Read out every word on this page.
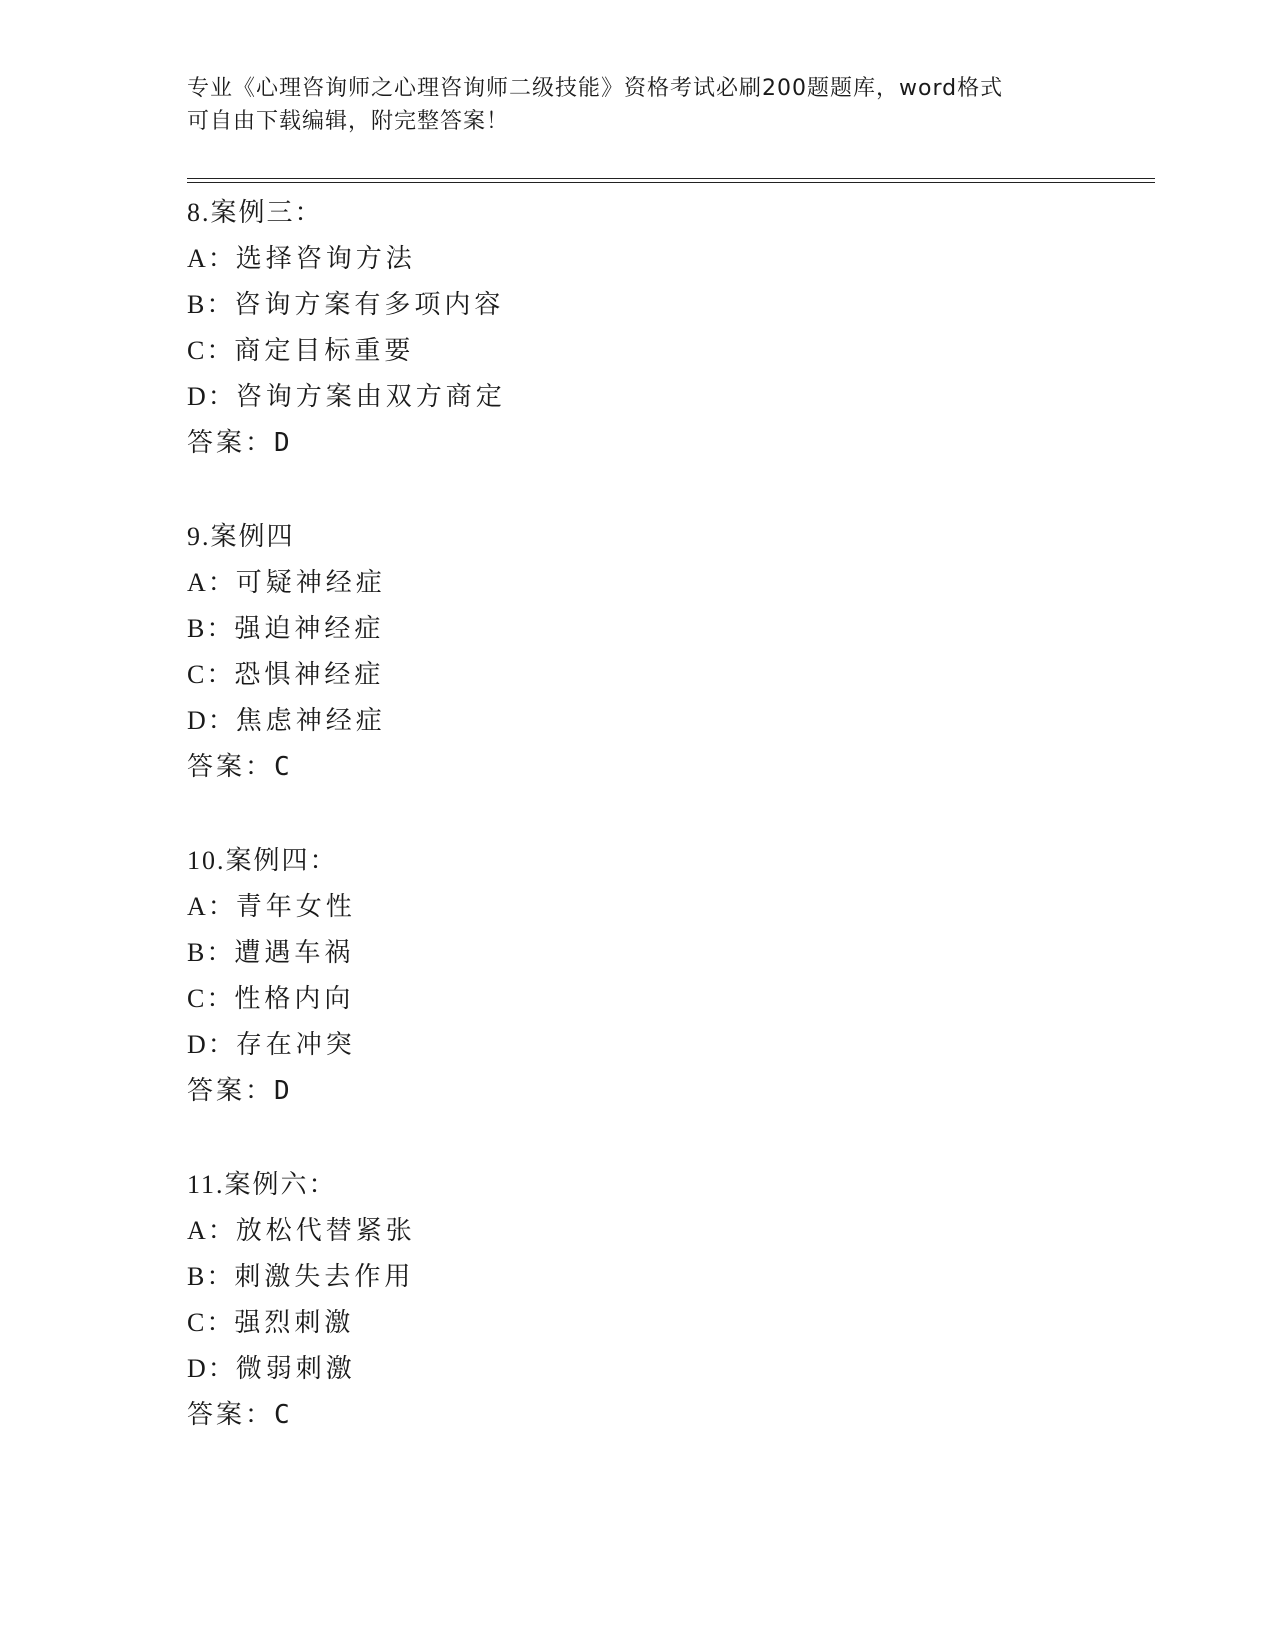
专业《心理咨询师之心理咨询师二级技能》资格考试必刷200题题库，word格式
可自由下载编辑，附完整答案！
8.案例三：
A：选择咨询方法
B：咨询方案有多项内容
C：商定目标重要
D：咨询方案由双方商定
答案：D
9.案例四
A：可疑神经症
B：强迫神经症
C：恐惧神经症
D：焦虑神经症
答案：C
10.案例四：
A：青年女性
B：遭遇车祸
C：性格内向
D：存在冲突
答案：D
11.案例六：
A：放松代替紧张
B：刺激失去作用
C：强烈刺激
D：微弱刺激
答案：C
